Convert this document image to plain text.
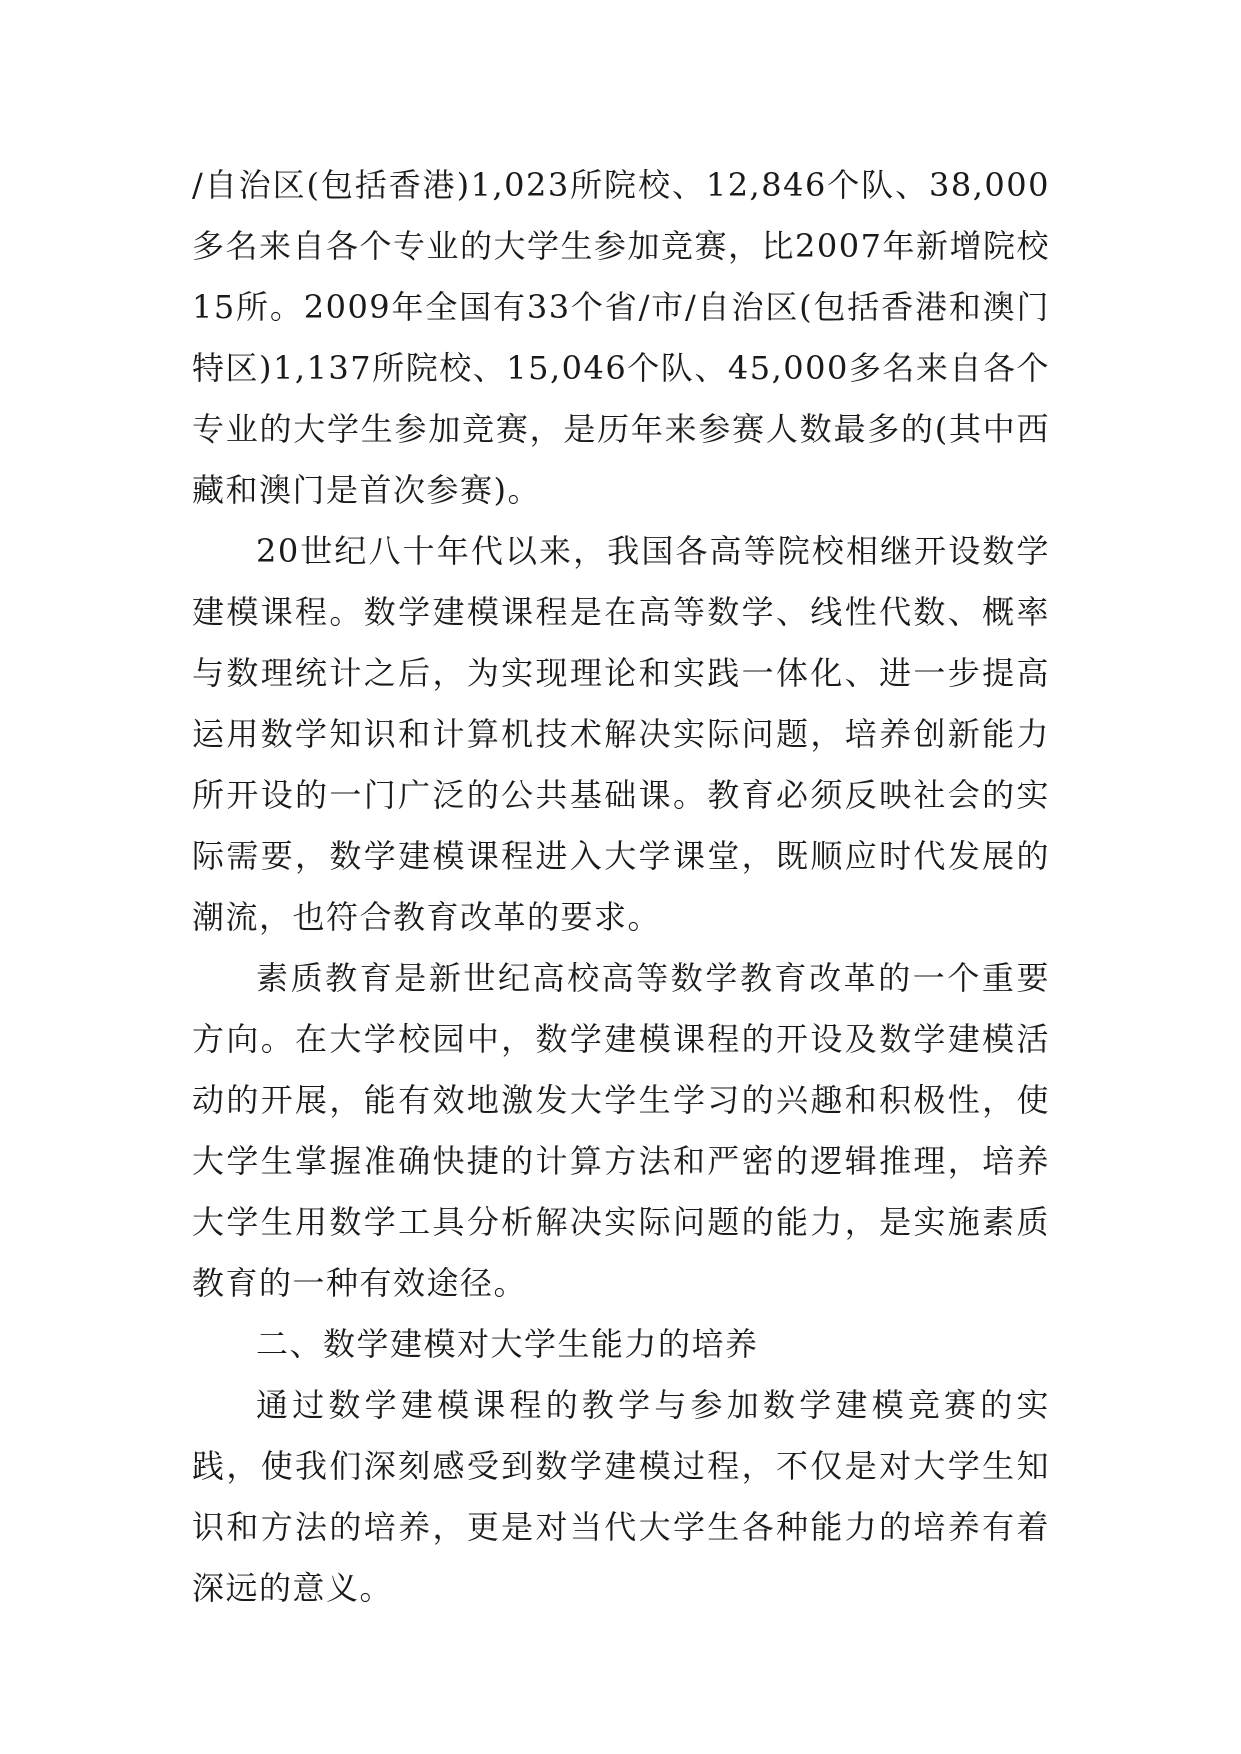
/自治区(包括香港)1,023所院校、12,846个队、38,000多名来自各个专业的大学生参加竞赛，比2007年新增院校15所。2009年全国有33个省/市/自治区(包括香港和澳门特区)1,137所院校、15,046个队、45,000多名来自各个专业的大学生参加竞赛，是历年来参赛人数最多的(其中西藏和澳门是首次参赛)。

20世纪八十年代以来，我国各高等院校相继开设数学建模课程。数学建模课程是在高等数学、线性代数、概率与数理统计之后，为实现理论和实践一体化、进一步提高运用数学知识和计算机技术解决实际问题，培养创新能力所开设的一门广泛的公共基础课。教育必须反映社会的实际需要，数学建模课程进入大学课堂，既顺应时代发展的潮流，也符合教育改革的要求。

素质教育是新世纪高校高等数学教育改革的一个重要方向。在大学校园中，数学建模课程的开设及数学建模活动的开展，能有效地激发大学生学习的兴趣和积极性，使大学生掌握准确快捷的计算方法和严密的逻辑推理，培养大学生用数学工具分析解决实际问题的能力，是实施素质教育的一种有效途径。

二、数学建模对大学生能力的培养

通过数学建模课程的教学与参加数学建模竞赛的实践，使我们深刻感受到数学建模过程，不仅是对大学生知识和方法的培养，更是对当代大学生各种能力的培养有着深远的意义。
